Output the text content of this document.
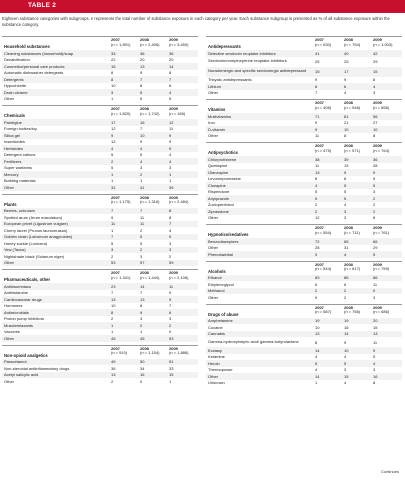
TABLE 2
Eighteen substance categories with subgroups. n represents the total number of substance exposure in each category per year. Each substance subgroup is presented as % of all substance exposure within the substance category.
Household substances
2007
(n = 1,891)
2008
(n = 2,406)
2009
(n = 3,450)
Cleaning substances (household)/soap	33	36	36
Decalcification	22	20	20
Cosmetics/personal care products	15	13	14
Automatic dishwasher detergents	8	9	8
Detergents	8	7	7
Hypochlorite	10	8	6
Drain cleaner	3	5	4
Other	1	5	5
Chemicals
2007
(n = 1,820)
2008
(n = 1,742)
2009
(n = 166)
Paint/glue	17	16	12
Foreign bodies/toy	12	7	11
Silica gel	9	10	9
Insecticides	12	9	9
Herbicides	4	4	5
Detergent cations	5	5	4
Fertilizers	2	4	4
Super warfarins	5	3	3
Mercury	1	2	1
Building materials	1	1	1
Other	31	41	39
Plants
2007
(n = 1,175)
2008
(n = 1,316)
2009
(n = 2,484)
Berries, unknown	7	7	8
Spotted arum (Arum maculatum)	9	11	8
European privet (Ligustrum vulgare)	11	11	7
Cherry laurel (Prunus laurocerasus)	1	2	4
Golden chain (Laburnum anagyroides)	7	5	5
Honey suckle (Lonicera)	5	5	3
Yew (Taxus)	3	2	3
Nightshade black (Solanum niger)	2	3	2
Other	53	57	59
Pharmaceuticals, other
2007
(n = 1,341)
2008
(n = 1,444)
2009
(n = 2,106)
Antiinsomniacs	23	14	11
Antihistamine	7	7	9
Cardiovascular drugs	13	13	9
Hormones	10	8	7
Antimicrobials	8	9	6
Proton pump inhibitors	2	3	3
Musclerelaxants	1	2	2
Vaccines	1	1	0
Other	45	45	53
Non-opioid analgetics
2007
(n = 910)
2008
(n = 1,154)
2009
(n = 1,886)
Paracetamol	49	50	51
Non-steroidal antiinflammatory drugs	36	34	33
Acetyl salicylic acid	13	16	15
Other	2	0	1
Antidepressants
2007
(n = 630)
2008
(n = 754)
2009
(n = 1,003)
Selective serotonin reuptake inhibitors	41	40	42
Serotonin/norepinephrine reuptake inhibitors	25	25	29
Noradrenergic and specific serotonergic antidepressant	15	17	15
Tricyclic antidepressants	9	9	8
Lithium	6	6	4
Other	7	4	3
Vitamins
2007
(n = 406)
2008
(n = 548)
2009
(n = 856)
Multivitamins	71	61	56
Iron	9	21	27
D-vitamin	9	10	10
Other	11	8	8
Antipsychotics
2007
(n = 475)
2008
(n = 571)
2009
(n = 764)
Chlorprothixene	38	39	36
Quetiapine	11	19	28
Olanzapine	13	9	9
Levomepromazine	8	8	5
Clozapine	4	5	5
Risperidone	5	5	3
Aripiprazole	5	5	2
Zuclopenthixol	2	4	2
Ziprasidone	2	3	2
Other	12	3	8
Hypnotics/sedatives
2007
(n = 554)
2008
(n = 711)
2009
(n = 761)
Benzodiazepines	72	65	66
Other	28	31	29
Phenobarbital	0	4	5
Alcohols
2007
(n = 544)
2008
(n = 617)
2009
(n = 759)
Ethanol	83	86	86
Ethyleneglycol	6	6	11
Methanol	2	2	0
Other	9	2	3
Drugs of abuse
2007
(n = 587)
2008
(n = 766)
2009
(n = 686)
Amphetamine	19	19	20
Cocaine	10	16	15
Cannabis	13	14	13
Gamma-hydroxybutyric acid/ gamma-butyrolactone	8	9	11
Ecstasy	14	10	9
Ketamine	4	4	5
Heroin	5	5	4
Thermopower	4	3	3
Other	14	15	16
Unknown	1	4	8
Continues
